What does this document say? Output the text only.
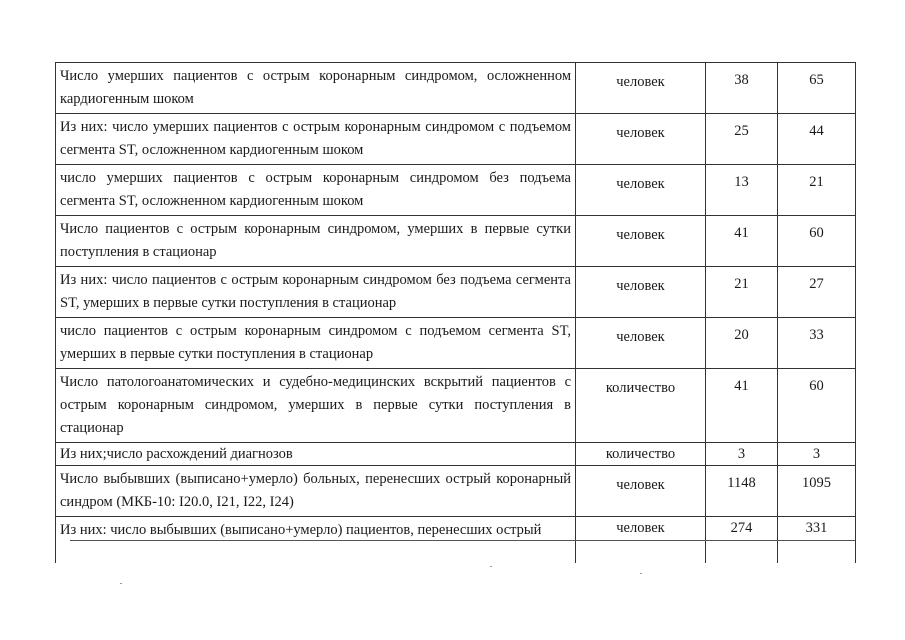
Число умерших пациентов с острым коронарным синдромом, осложненном кардиогенным шоком	человек	38	65
Из них: число умерших пациентов с острым коронарным синдромом с подъемом сегмента ST, осложненном кардиогенным шоком	человек	25	44
число умерших пациентов с острым коронарным синдромом без подъема сегмента ST, осложненном кардиогенным шоком	человек	13	21
Число пациентов с острым коронарным синдромом, умерших в первые сутки поступления в стационар	человек	41	60
Из них: число пациентов с острым коронарным синдромом без подъема сегмента ST, умерших в первые сутки поступления в стационар	человек	21	27
число пациентов с острым коронарным синдромом с подъемом сегмента ST, умерших в первые сутки поступления в стационар	человек	20	33
Число патологоанатомических и судебно-медицинских вскрытий пациентов с острым коронарным синдромом, умерших в первые сутки поступления в стационар	количество	41	60
Из них;число расхождений диагнозов	количество	3	3
Число выбывших (выписано+умерло) больных, перенесших острый коронарный синдром (МКБ-10: I20.0, I21, I22, I24)	человек	1148	1095
Из них: число выбывших (выписано+умерло) пациентов, перенесших острый	человек	274	331
